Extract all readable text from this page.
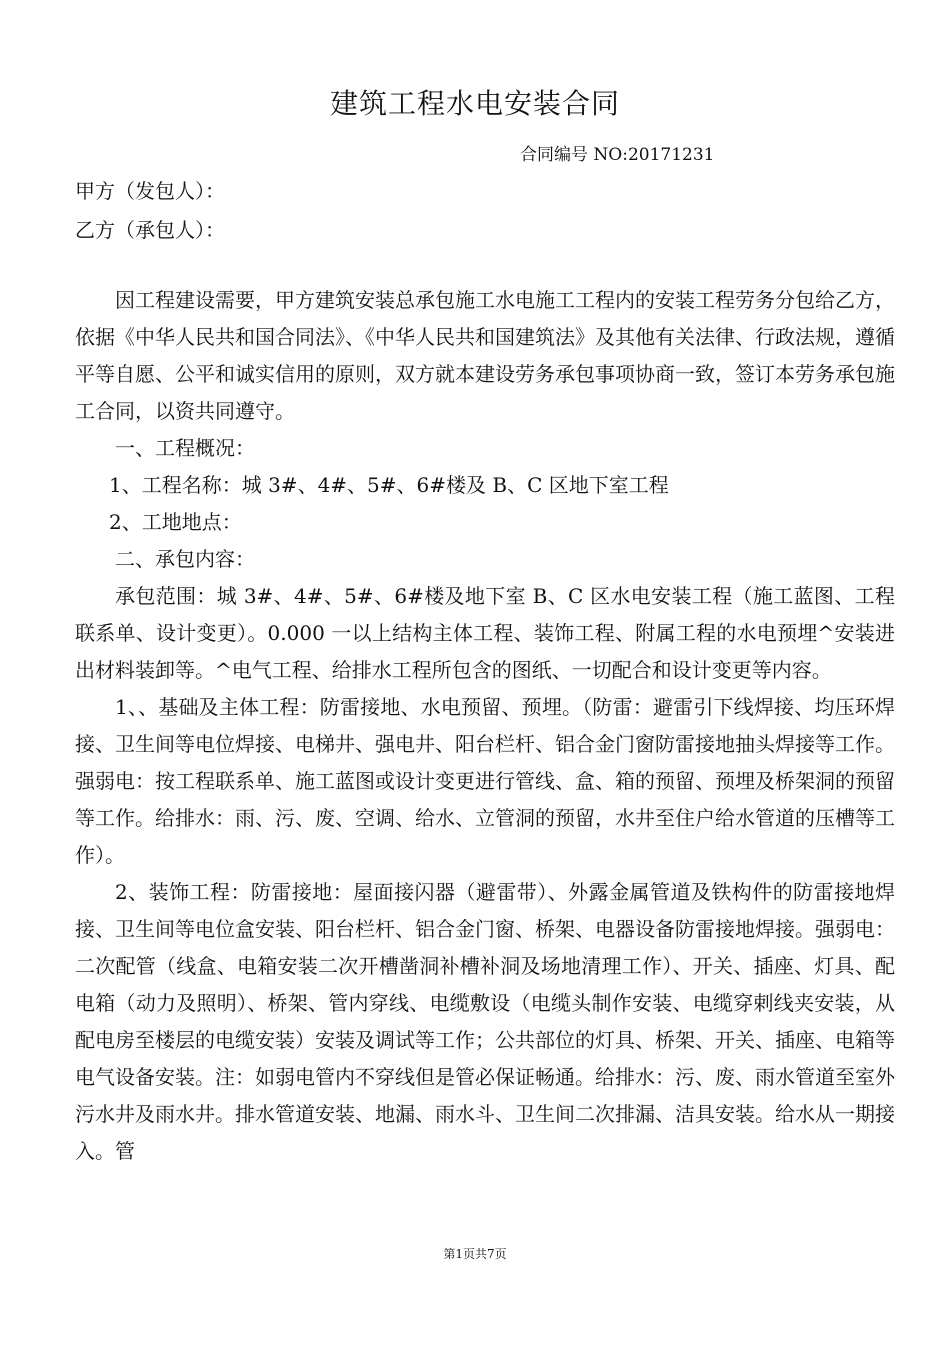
建筑工程水电安装合同
合同编号 NO:20171231
甲方（发包人）：
乙方（承包人）：

因工程建设需要，甲方建筑安装总承包施工水电施工工程内的安装工程劳务分包给乙方，依据《中华人民共和国合同法》、《中华人民共和国建筑法》及其他有关法律、行政法规，遵循平等自愿、公平和诚实信用的原则，双方就本建设劳务承包事项协商一致，签订本劳务承包施工合同，以资共同遵守。

一、工程概况：

1、工程名称：城 3#、4#、5#、6#楼及 B、C 区地下室工程

2、工地地点：

二、承包内容：

承包范围：城 3#、4#、5#、6#楼及地下室 B、C 区水电安装工程（施工蓝图、工程联系单、设计变更）。0.000 一以上结构主体工程、装饰工程、附属工程的水电预埋^安装进出材料装卸等。^电气工程、给排水工程所包含的图纸、一切配合和设计变更等内容。

1、、基础及主体工程：防雷接地、水电预留、预埋。（防雷：避雷引下线焊接、均压环焊接、卫生间等电位焊接、电梯井、强电井、阳台栏杆、铝合金门窗防雷接地抽头焊接等工作。强弱电：按工程联系单、施工蓝图或设计变更进行管线、盒、箱的预留、预埋及桥架洞的预留等工作。给排水：雨、污、废、空调、给水、立管洞的预留，水井至住户给水管道的压槽等工作）。

2、装饰工程：防雷接地：屋面接闪器（避雷带）、外露金属管道及铁构件的防雷接地焊接、卫生间等电位盒安装、阳台栏杆、铝合金门窗、桥架、电器设备防雷接地焊接。强弱电：二次配管（线盒、电箱安装二次开槽凿洞补槽补洞及场地清理工作）、开关、插座、灯具、配电箱（动力及照明）、桥架、管内穿线、电缆敷设（电缆头制作安装、电缆穿剌线夹安装，从配电房至楼层的电缆安装）安装及调试等工作；公共部位的灯具、桥架、开关、插座、电箱等电气设备安装。注：如弱电管内不穿线但是管必保证畅通。给排水：污、废、雨水管道至室外污水井及雨水井。排水管道安装、地漏、雨水斗、卫生间二次排漏、洁具安装。给水从一期接入。管

第1页共7页
